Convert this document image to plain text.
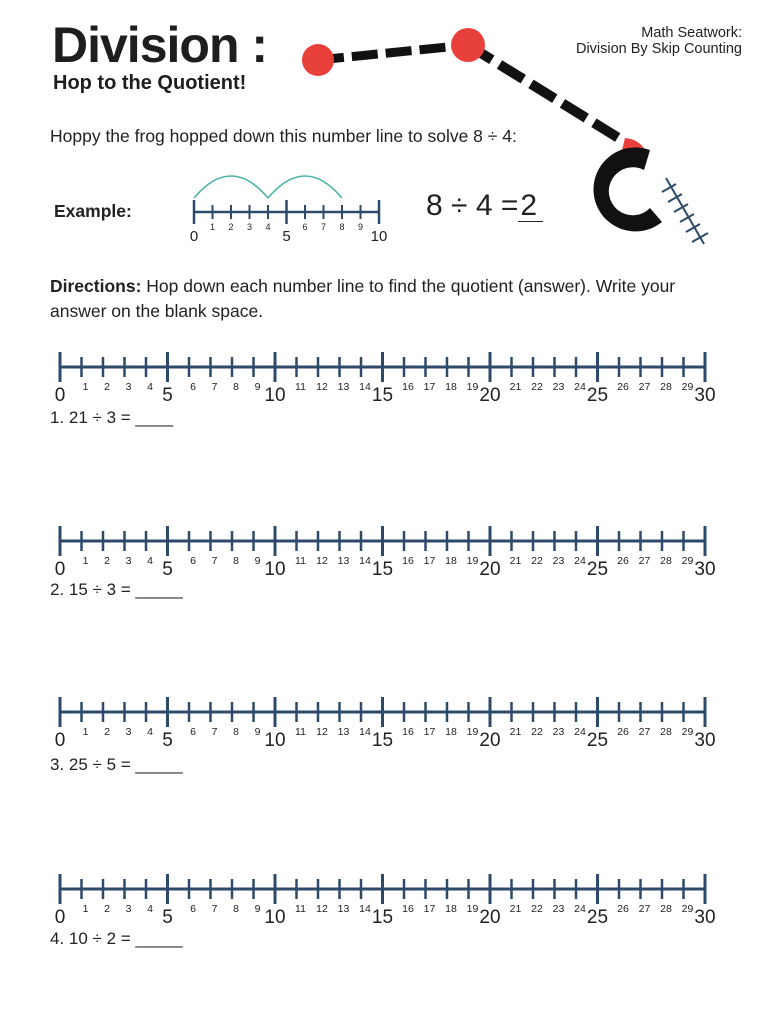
Division :
Hop to the Quotient!
Math Seatwork:
Division By Skip Counting
Hoppy the frog hopped down this number line to solve 8 ÷ 4:
Example:
0
1 2 3 4
5
6 7 8 9
10
8 ÷ 4 =2
Directions: Hop down each number line to find the quotient (answer). Write your answer on the blank space.
0 1 2 3 4 5 6 7 8 9 10 11 12 13 14 15 16 17 18 19 20 21 22 23 24 25 26 27 28 29 30
1. 21 ÷ 3 = ____
0 1 2 3 4 5 6 7 8 9 10 11 12 13 14 15 16 17 18 19 20 21 22 23 24 25 26 27 28 29 30
2. 15 ÷ 3 = _____
0 1 2 3 4 5 6 7 8 9 10 11 12 13 14 15 16 17 18 19 20 21 22 23 24 25 26 27 28 29 30
3. 25 ÷ 5 = _____
0 1 2 3 4 5 6 7 8 9 10 11 12 13 14 15 16 17 18 19 20 21 22 23 24 25 26 27 28 29 30
4. 10 ÷ 2 = _____
